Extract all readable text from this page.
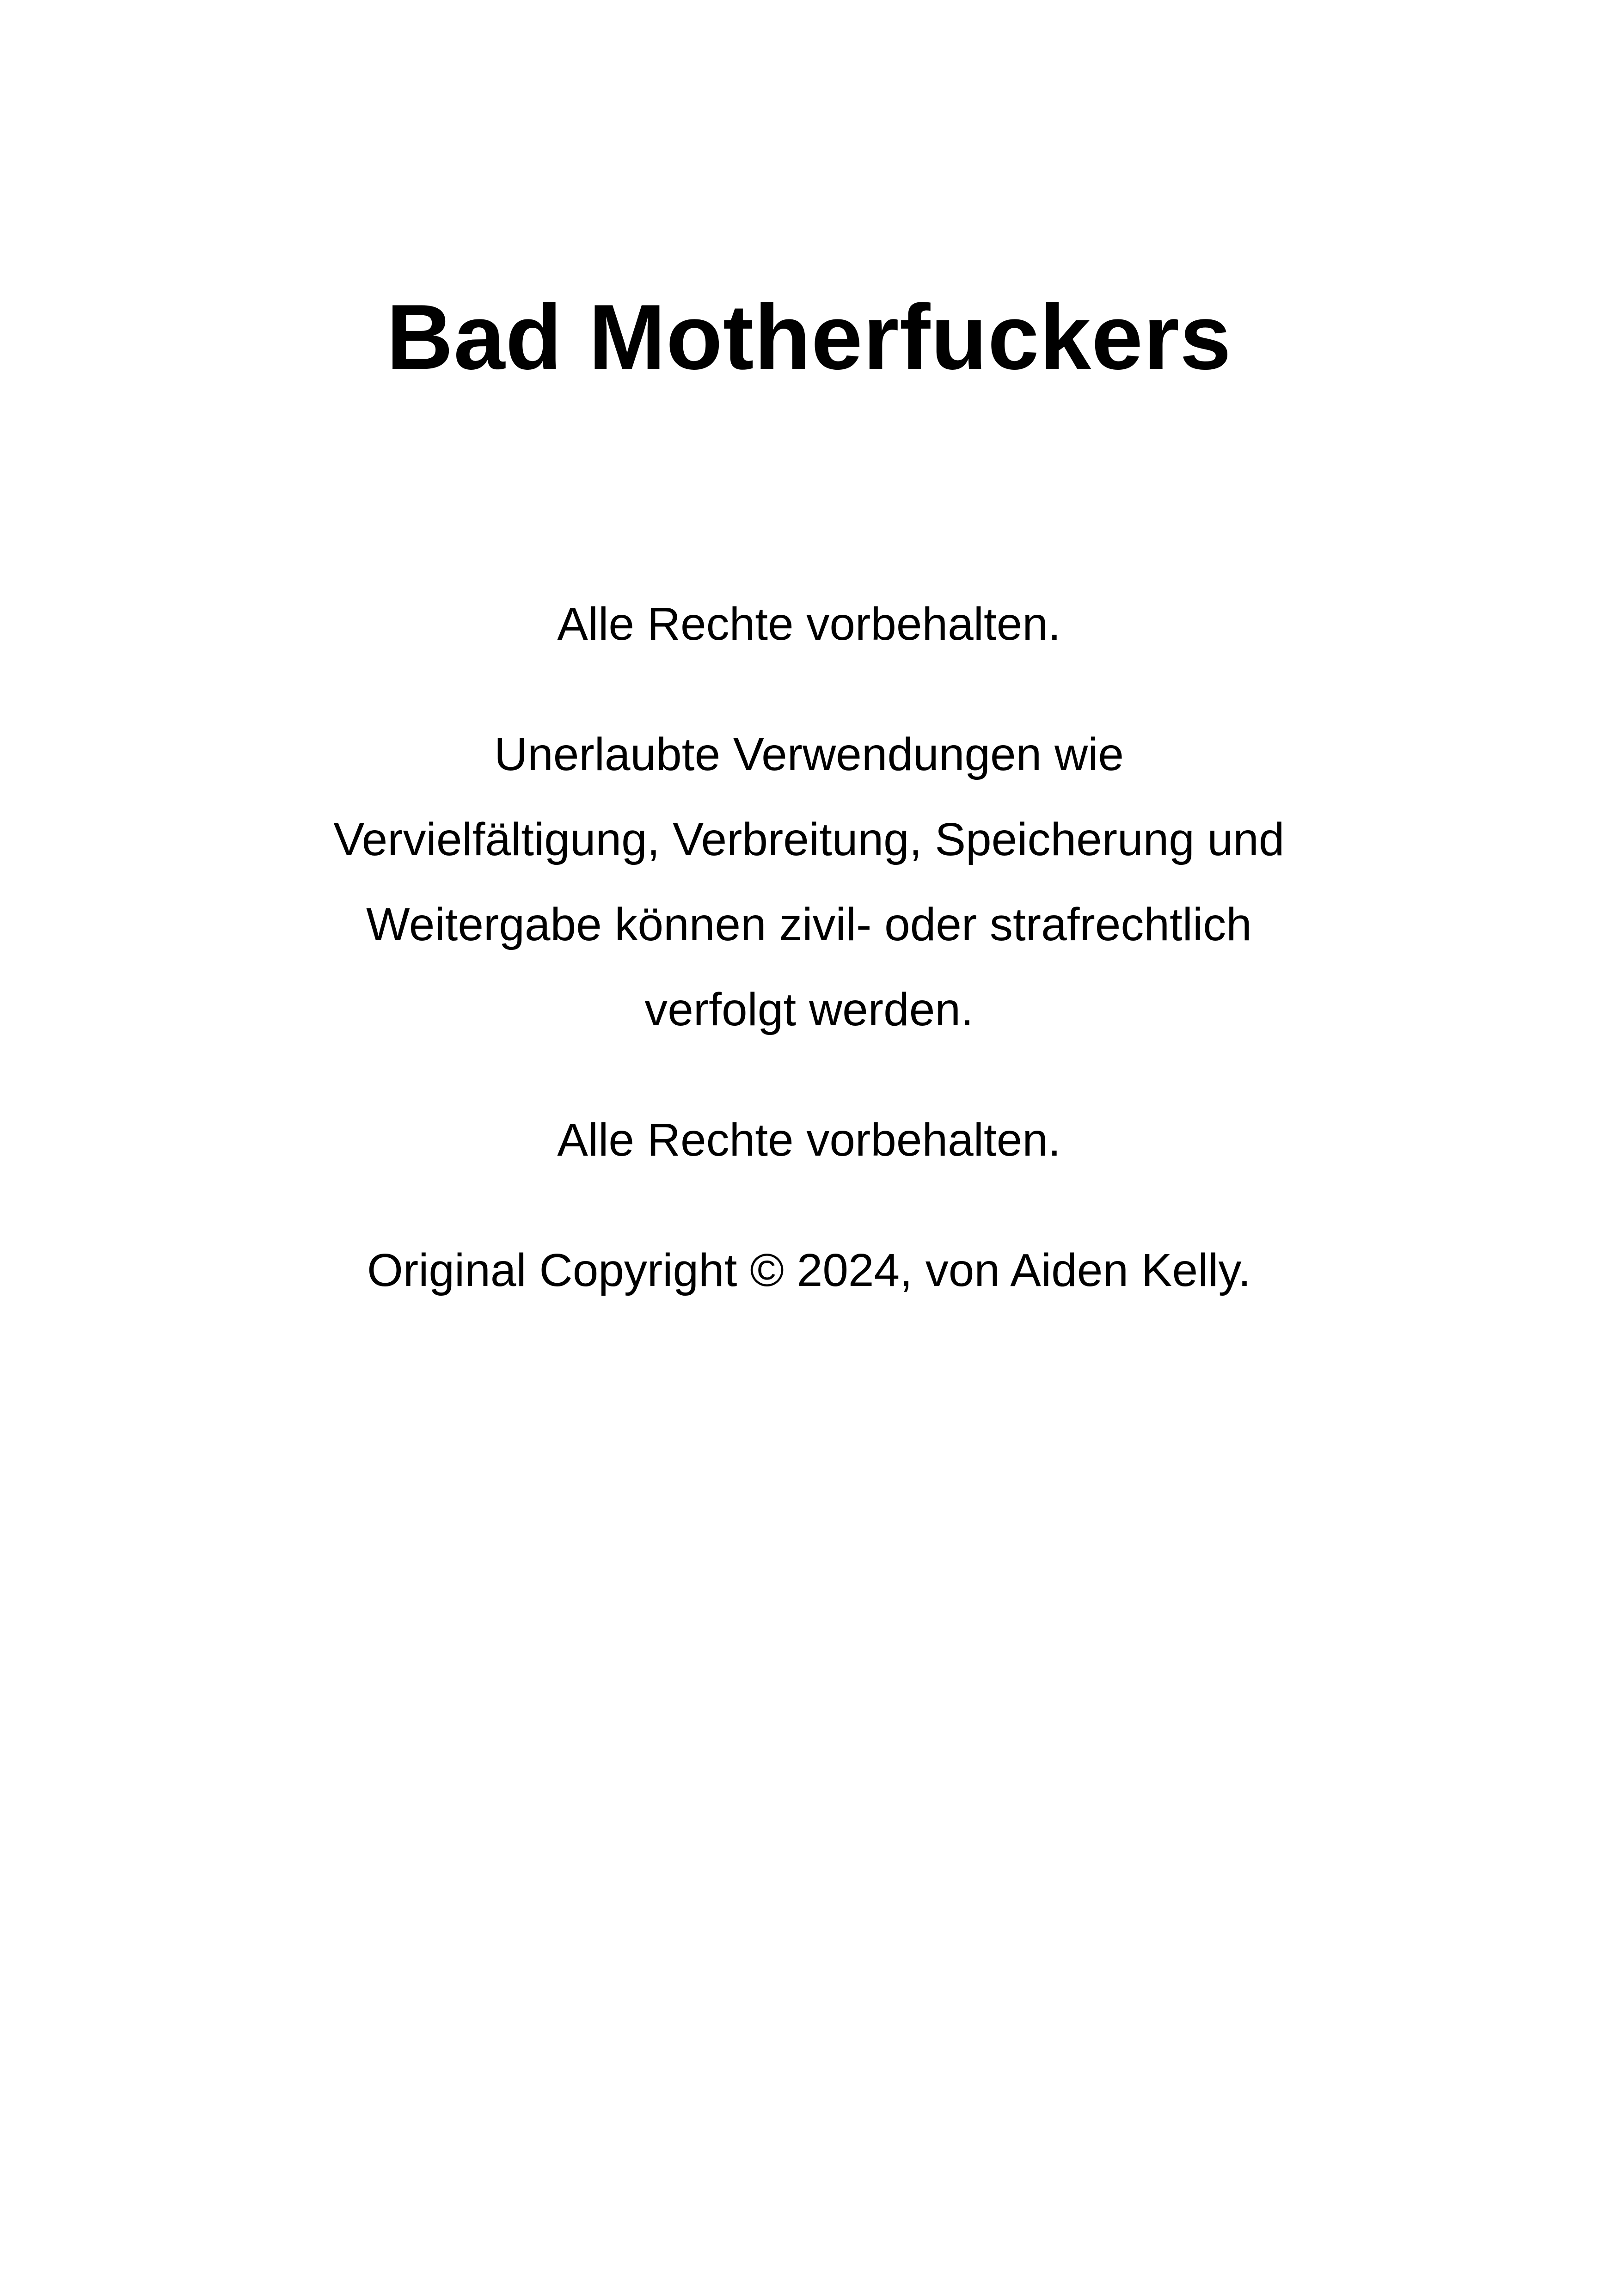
Bad Motherfuckers

Alle Rechte vorbehalten.

Unerlaubte Verwendungen wie
Vervielfältigung, Verbreitung, Speicherung und
Weitergabe können zivil- oder strafrechtlich
verfolgt werden.

Alle Rechte vorbehalten.

Original Copyright © 2024, von Aiden Kelly.
